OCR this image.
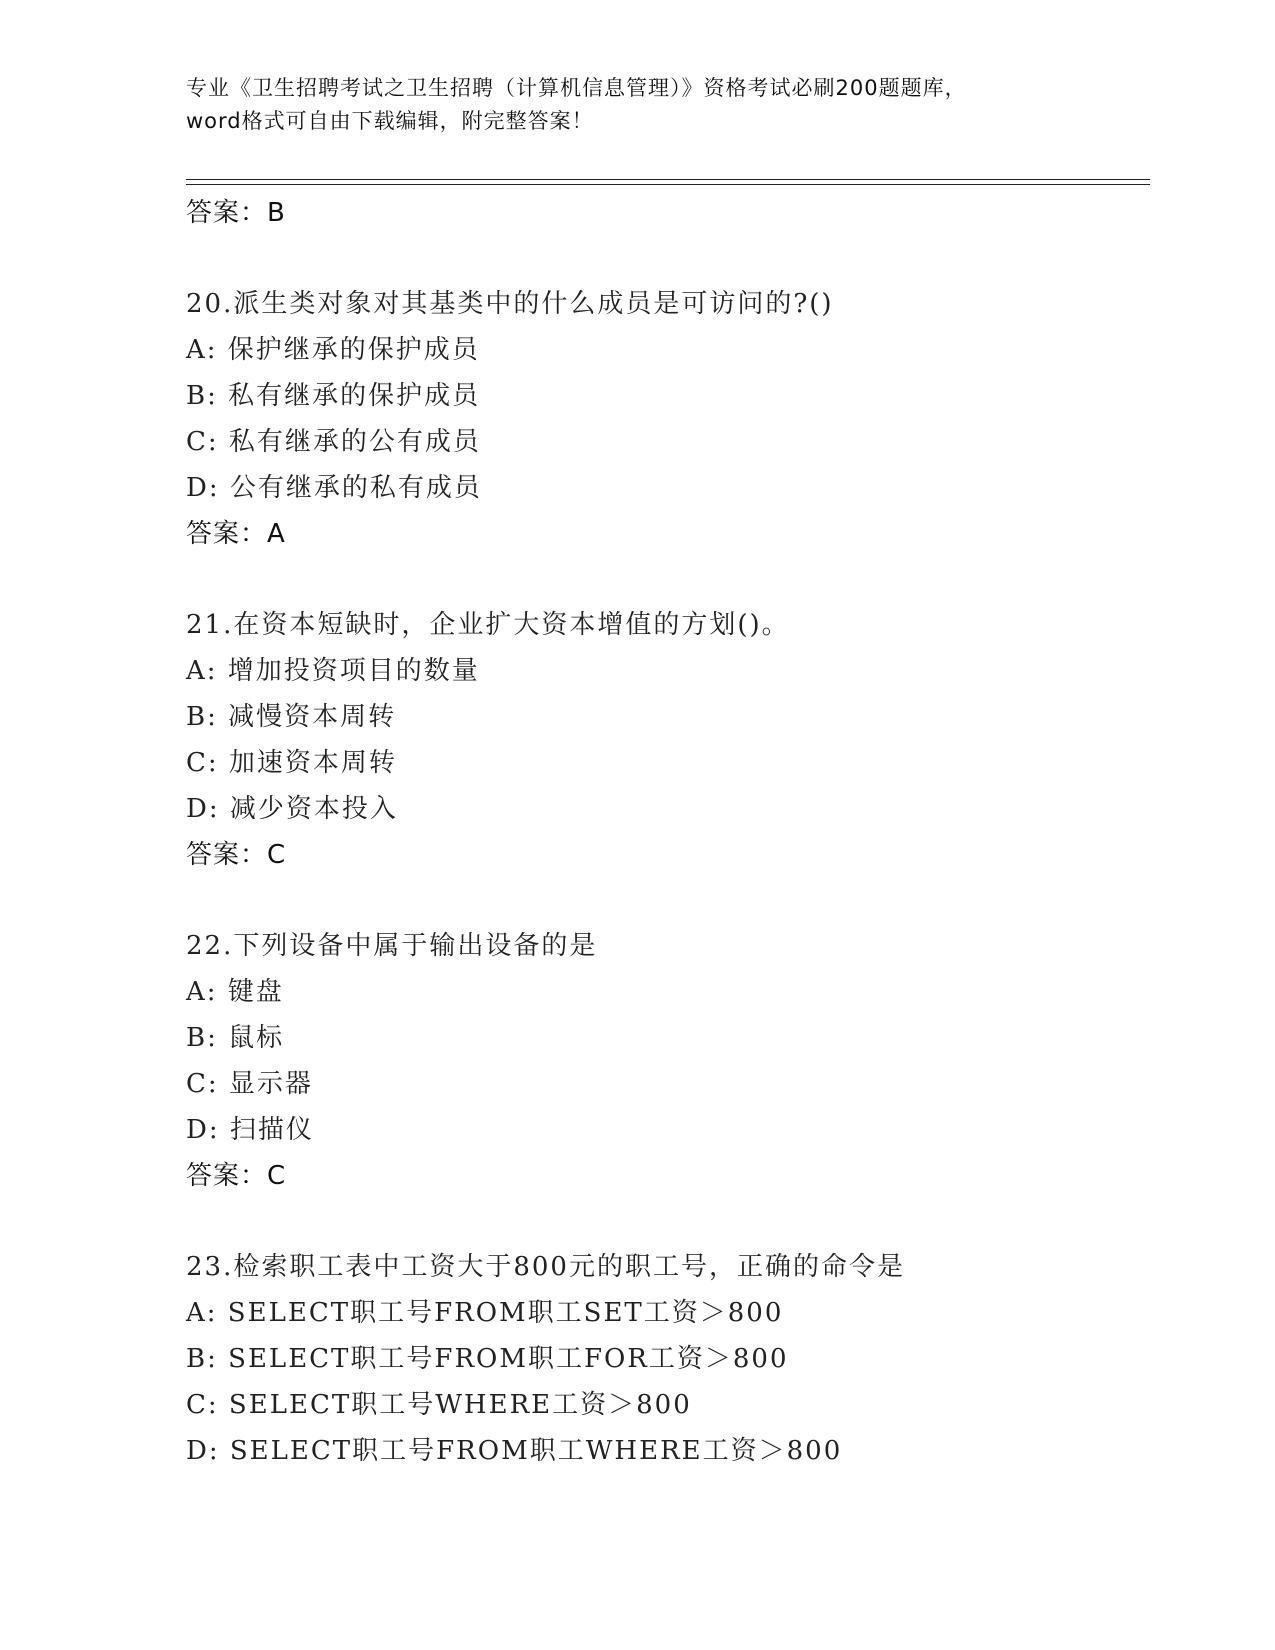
专业《卫生招聘考试之卫生招聘（计算机信息管理）》资格考试必刷200题题库，
word格式可自由下载编辑，附完整答案！
答案：B
20.派生类对象对其基类中的什么成员是可访问的?()
A: 保护继承的保护成员
B: 私有继承的保护成员
C: 私有继承的公有成员
D: 公有继承的私有成员
答案：A
21.在资本短缺时，企业扩大资本增值的方划()。
A: 增加投资项目的数量
B: 减慢资本周转
C: 加速资本周转
D: 减少资本投入
答案：C
22.下列设备中属于输出设备的是
A: 键盘
B: 鼠标
C: 显示器
D: 扫描仪
答案：C
23.检索职工表中工资大于800元的职工号，正确的命令是
A: SELECT职工号FROM职工SET工资＞800
B: SELECT职工号FROM职工FOR工资＞800
C: SELECT职工号WHERE工资＞800
D: SELECT职工号FROM职工WHERE工资＞800
